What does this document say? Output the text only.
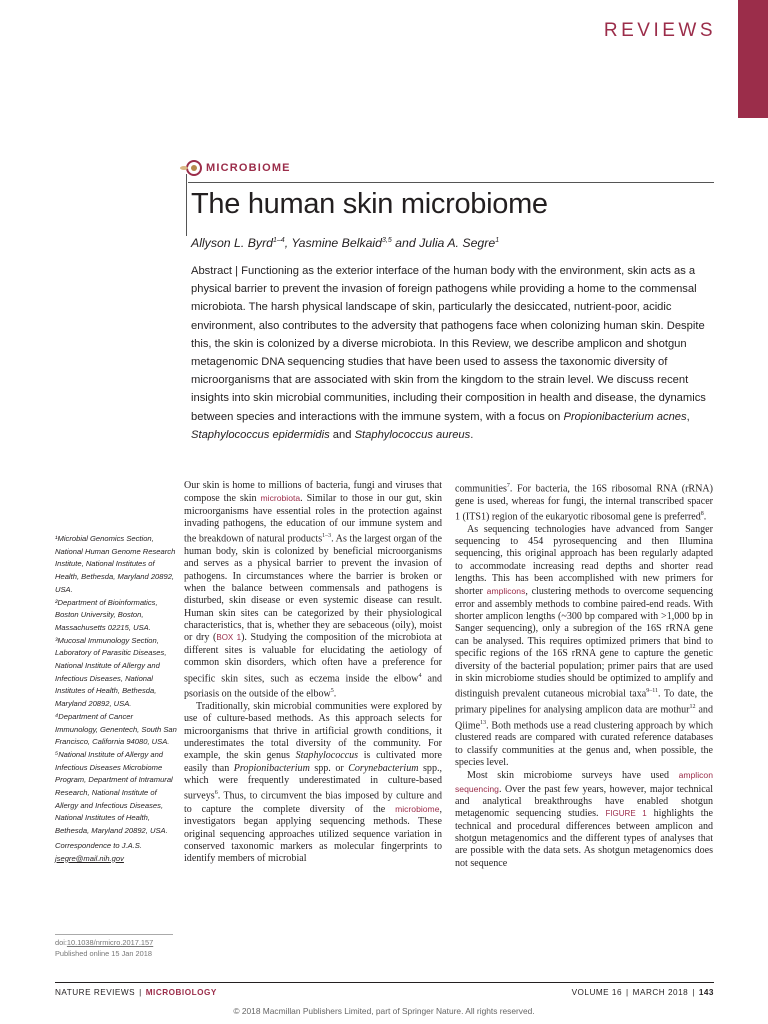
REVIEWS
MICROBIOME
The human skin microbiome
Allyson L. Byrd$^{1-4}$, Yasmine Belkaid$^{3,5}$ and Julia A. Segre$^1$

Abstract | Functioning as the exterior interface of the human body with the environment, skin acts as a physical barrier to prevent the invasion of foreign pathogens while providing a home to the commensal microbiota. The harsh physical landscape of skin, particularly the desiccated, nutrient-poor, acidic environment, also contributes to the adversity that pathogens face when colonizing human skin. Despite this, the skin is colonized by a diverse microbiota. In this Review, we describe amplicon and shotgun metagenomic DNA sequencing studies that have been used to assess the taxonomic diversity of microorganisms that are associated with skin from the kingdom to the strain level. We discuss recent insights into skin microbial communities, including their composition in health and disease, the dynamics between species and interactions with the immune system, with a focus on Propionibacterium acnes, Staphylococcus epidermidis and Staphylococcus aureus.

¹Microbial Genomics Section, National Human Genome Research Institute, National Institutes of Health, Bethesda, Maryland 20892, USA.

²Department of Bioinformatics, Boston University, Boston, Massachusetts 02215, USA.

³Mucosal Immunology Section, Laboratory of Parasitic Diseases, National Institute of Allergy and Infectious Diseases, National Institutes of Health, Bethesda, Maryland 20892, USA.

⁴Department of Cancer Immunology, Genentech, South San Francisco, California 94080, USA.

⁵National Institute of Allergy and Infectious Diseases Microbiome Program, Department of Intramural Research, National Institute of Allergy and Infectious Diseases, National Institutes of Health, Bethesda, Maryland 20892, USA.

Correspondence to J.A.S.

jsegre@mail.nih.gov

doi:10.1038/nrmicro.2017.157
Published online 15 Jan 2018

Our skin is home to millions of bacteria, fungi and viruses that compose the skin microbiota. Similar to those in our gut, skin microorganisms have essential roles in the protection against invading pathogens, the education of our immune system and the breakdown of natural products$^{1-3}$. As the largest organ of the human body, skin is colonized by beneficial microorganisms and serves as a physical barrier to prevent the invasion of pathogens. In circumstances where the barrier is broken or when the balance between commensals and pathogens is disturbed, skin disease or even systemic disease can result. Human skin sites can be categorized by their physiological characteristics, that is, whether they are sebaceous (oily), moist or dry (BOX 1). Studying the composition of the microbiota at different sites is valuable for elucidating the aetiology of common skin disorders, which often have a preference for specific skin sites, such as eczema inside the elbow$^4$ and psoriasis on the outside of the elbow$^5$.

Traditionally, skin microbial communities were explored by use of culture-based methods. As this approach selects for microorganisms that thrive in artificial growth conditions, it underestimates the total diversity of the community. For example, the skin genus Staphylococcus is cultivated more easily than Propionibacterium spp. or Corynebacterium spp., which were frequently underestimated in culture-based surveys$^6$. Thus, to circumvent the bias imposed by culture and to capture the complete diversity of the microbiome, investigators began applying sequencing methods. These original sequencing approaches utilized sequence variation in conserved taxonomic markers as molecular fingerprints to identify members of microbial

communities$^7$. For bacteria, the 16S ribosomal RNA (rRNA) gene is used, whereas for fungi, the internal transcribed spacer 1 (ITS1) region of the eukaryotic ribosomal gene is preferred$^8$.

As sequencing technologies have advanced from Sanger sequencing to 454 pyrosequencing and then Illumina sequencing, this original approach has been regularly adapted to accommodate increasing read depths and shorter read lengths. This has been accomplished with new primers for shorter amplicons, clustering methods to overcome sequencing error and assembly methods to combine paired-end reads. With shorter amplicon lengths (~300 bp compared with >1,000 bp in Sanger sequencing), only a subregion of the 16S rRNA gene can be analysed. This requires optimized primers that bind to specific regions of the 16S rRNA gene to capture the genetic diversity of the bacterial population; primer pairs that are used in skin microbiome studies should be optimized to amplify and distinguish prevalent cutaneous microbial taxa$^{9-11}$. To date, the primary pipelines for analysing amplicon data are mothur$^{12}$ and Qiime$^{13}$. Both methods use a read clustering approach by which clustered reads are compared with curated reference databases to classify communities at the genus and, when possible, the species level.

Most skin microbiome surveys have used amplicon sequencing. Over the past few years, however, major technical and analytical breakthroughs have enabled shotgun metagenomic sequencing studies. FIGURE 1 highlights the technical and procedural differences between amplicon and shotgun metagenomics and the different types of analyses that are possible with the data sets. As shotgun metagenomics does not sequence

NATURE REVIEWS | MICROBIOLOGY	VOLUME 16 | MARCH 2018 | 143
© 2018 Macmillan Publishers Limited, part of Springer Nature. All rights reserved.
